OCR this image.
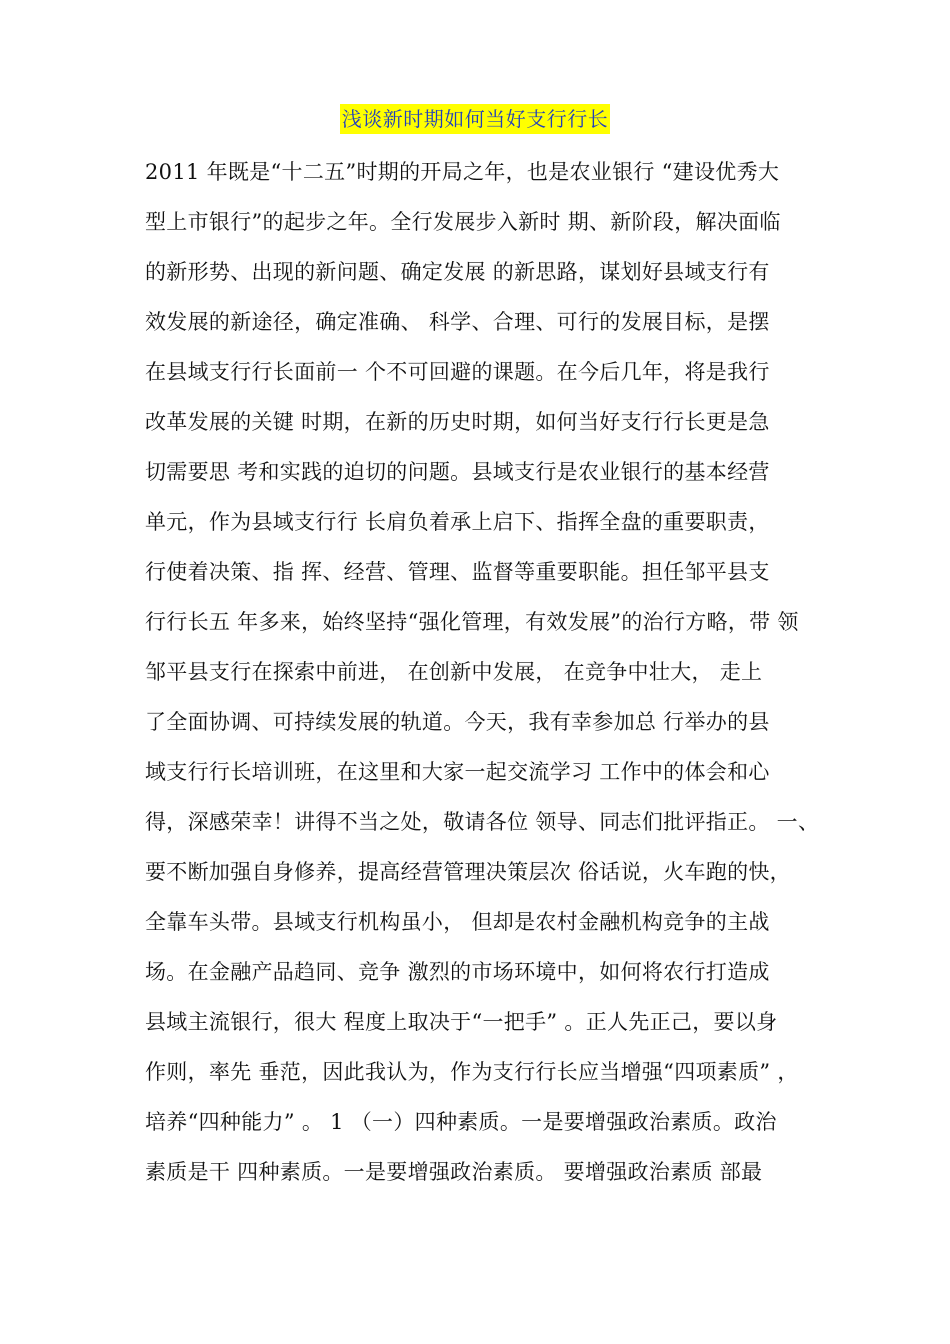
浅谈新时期如何当好支行行长
2011 年既是“十二五”时期的开局之年，也是农业银行 “建设优秀大
型上市银行”的起步之年。全行发展步入新时 期、新阶段，解决面临
的新形势、出现的新问题、确定发展 的新思路，谋划好县域支行有
效发展的新途径，确定准确、 科学、合理、可行的发展目标，是摆
在县域支行行长面前一 个不可回避的课题。在今后几年，将是我行
改革发展的关键 时期，在新的历史时期，如何当好支行行长更是急
切需要思 考和实践的迫切的问题。县域支行是农业银行的基本经营
单元，作为县域支行行 长肩负着承上启下、指挥全盘的重要职责，
行使着决策、指 挥、经营、管理、监督等重要职能。担任邹平县支
行行长五 年多来，始终坚持“强化管理，有效发展”的治行方略，带 领
邹平县支行在探索中前进， 在创新中发展， 在竞争中壮大， 走上
了全面协调、可持续发展的轨道。今天，我有幸参加总 行举办的县
域支行行长培训班，在这里和大家一起交流学习 工作中的体会和心
得，深感荣幸！讲得不当之处，敬请各位 领导、同志们批评指正。 一、
要不断加强自身修养，提高经营管理决策层次 俗话说，火车跑的快，
全靠车头带。县域支行机构虽小， 但却是农村金融机构竞争的主战
场。在金融产品趋同、竞争 激烈的市场环境中，如何将农行打造成
县域主流银行，很大 程度上取决于“一把手” 。正人先正己，要以身
作则，率先 垂范，因此我认为，作为支行行长应当增强“四项素质” ，
培养“四种能力” 。 1 （一）四种素质。一是要增强政治素质。政治
素质是干 四种素质。一是要增强政治素质。 要增强政治素质 部最
